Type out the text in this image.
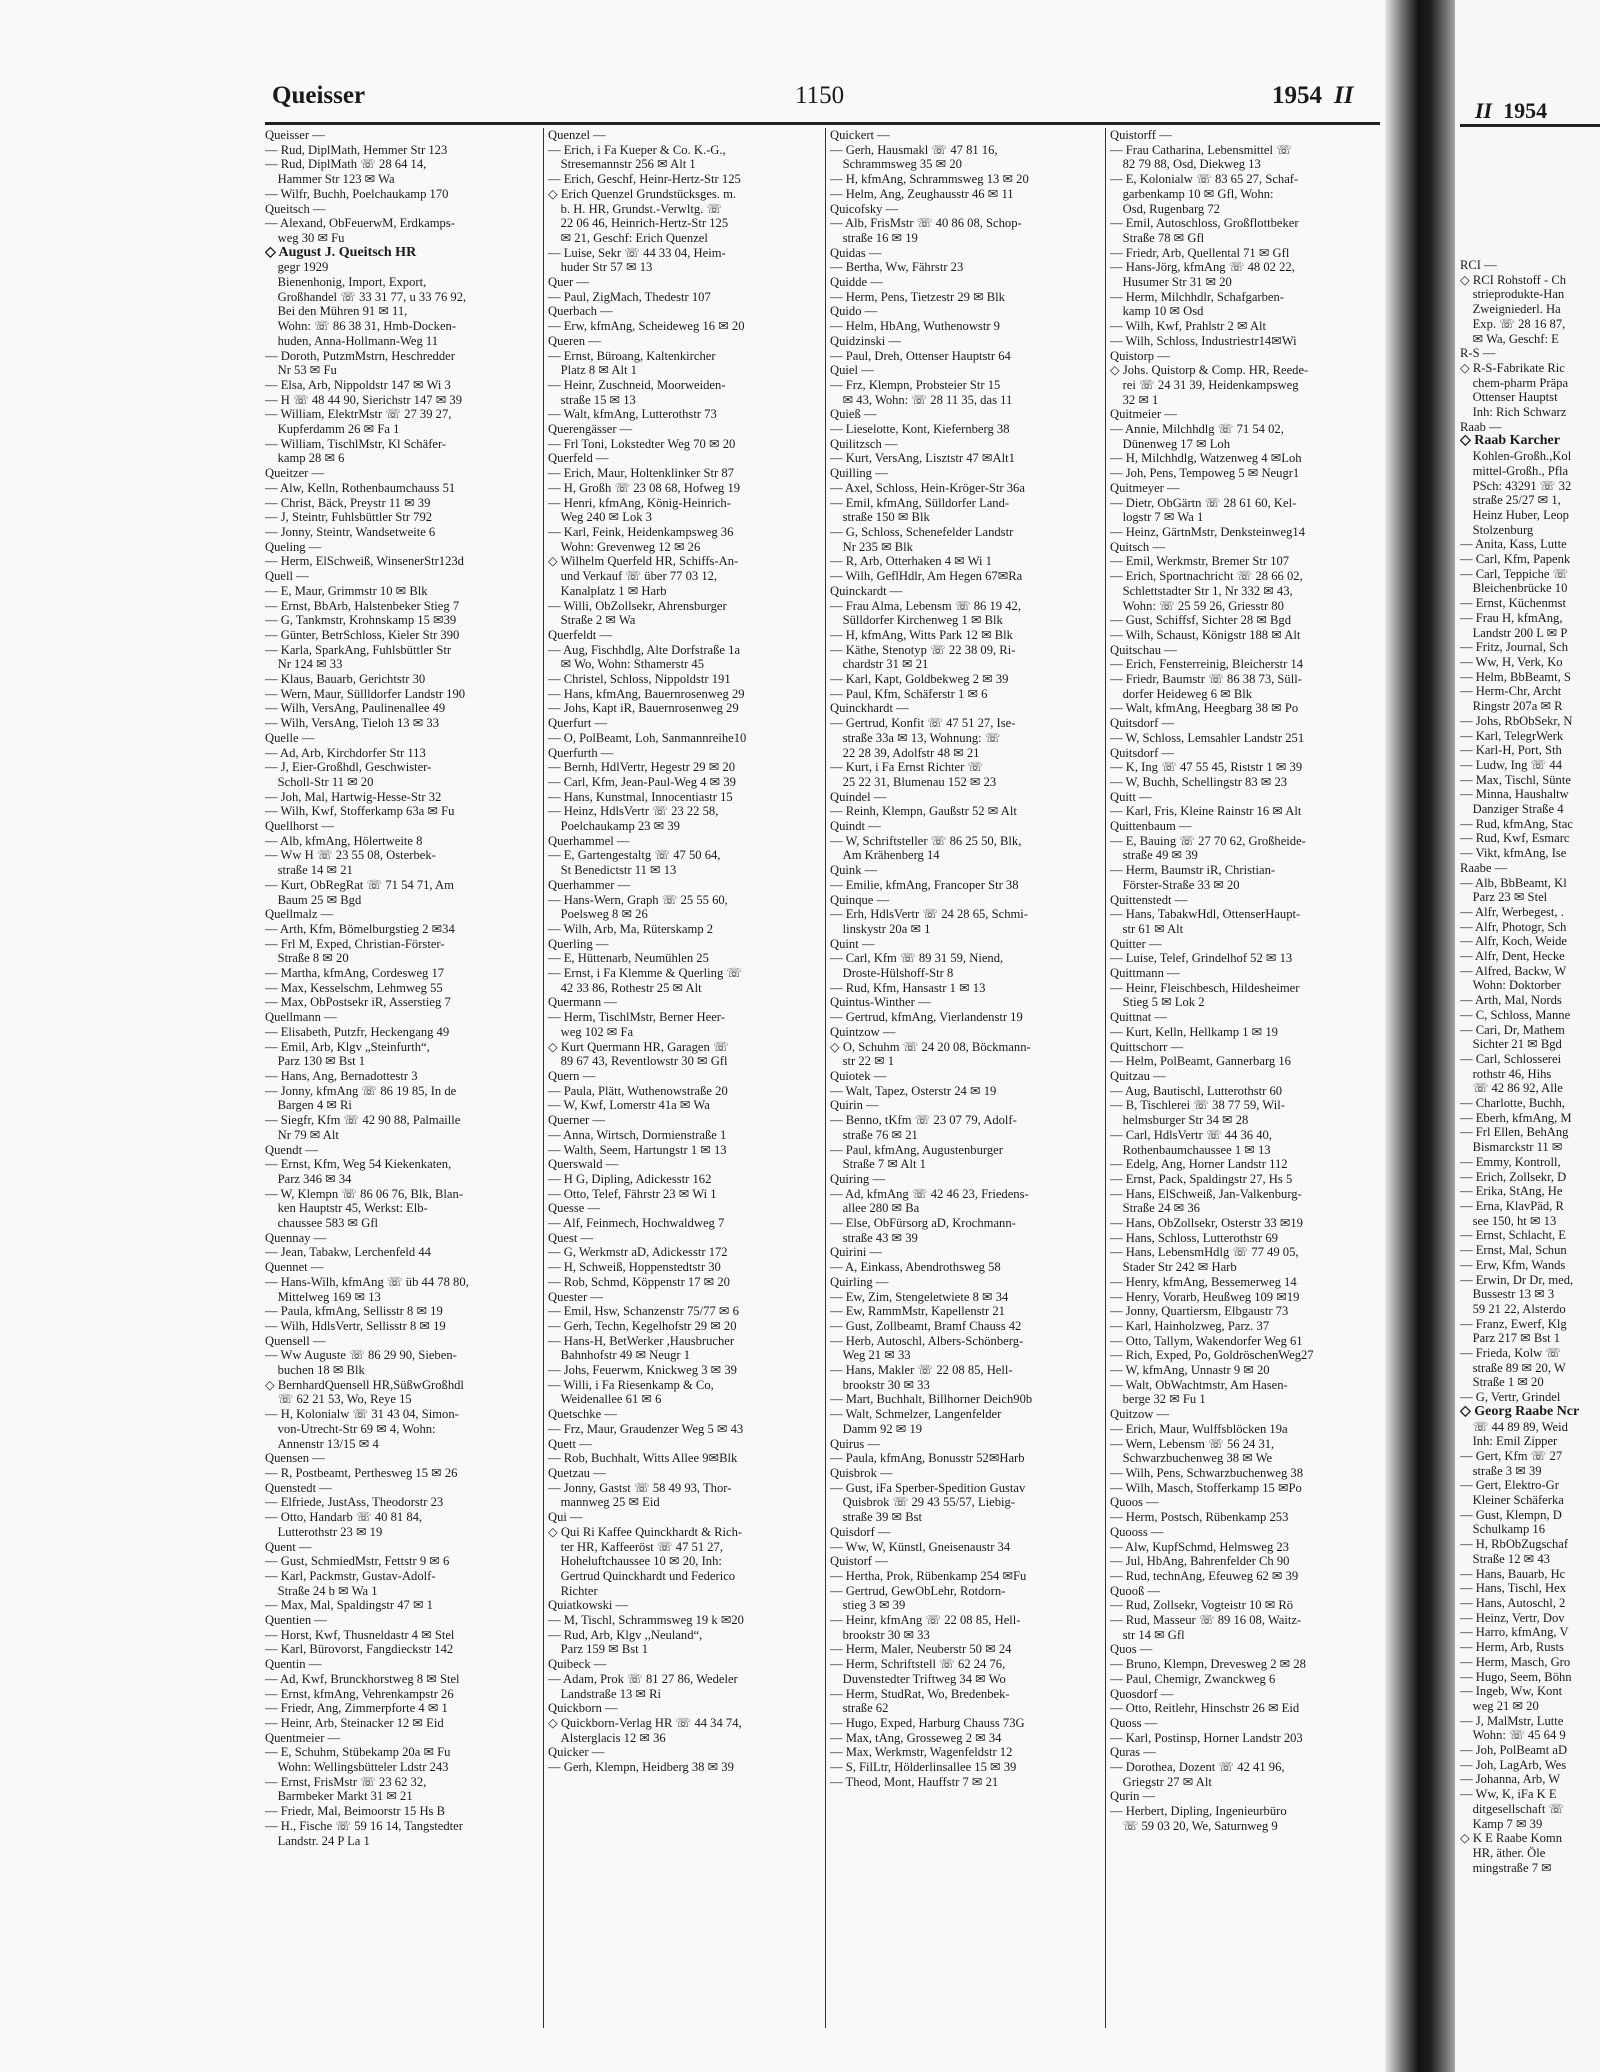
Queisser	1150	1954 II
Queisser —
— Rud, DiplMath, Hemmer Str 123
— Rud, DiplMath ☏ 28 64 14,
 Hammer Str 123 ✉ Wa
— Wilfr, Buchh, Poelchaukamp 170
Queitsch —
— Alexand, ObFeuerwM, Erdkamps-
 weg 30 ✉ Fu
◇ August J. Queitsch HR
 gegr 1929
 Bienenhonig, Import, Export,
 Großhandel ☏ 33 31 77, u 33 76 92,
 Bei den Mühren 91 ✉ 11,
 Wohn: ☏ 86 38 31, Hmb-Docken-
 huden, Anna-Hollmann-Weg 11
— Doroth, PutzmMstrn, Heschredder
 Nr 53 ✉ Fu
— Elsa, Arb, Nippoldstr 147 ✉ Wi 3
— H ☏ 48 44 90, Sierichstr 147 ✉ 39
— William, ElektrMstr ☏ 27 39 27,
 Kupferdamm 26 ✉ Fa 1
— William, TischlMstr, Kl Schäfer-
 kamp 28 ✉ 6
Queitzer —
— Alw, Kelln, Rothenbaumchauss 51
— Christ, Bäck, Preystr 11 ✉ 39
— J, Steintr, Fuhlsbüttler Str 792
— Jonny, Steintr, Wandsetweite 6
Queling —
— Herm, ElSchweiß, WinsenerStr123d
Quell —
— E, Maur, Grimmstr 10 ✉ Blk
— Ernst, BbArb, Halstenbeker Stieg 7
— G, Tankmstr, Krohnskamp 15 ✉39
— Günter, BetrSchloss, Kieler Str 390
— Karla, SparkAng, Fuhlsbüttler Str
 Nr 124 ✉ 33
— Klaus, Bauarb, Gerichtstr 30
— Wern, Maur, Süllldorfer Landstr 190
— Wilh, VersAng, Paulinenallee 49
— Wilh, VersAng, Tieloh 13 ✉ 33
Quelle —
— Ad, Arb, Kirchdorfer Str 113
— J, Eier-Großhdl, Geschwister-
 Scholl-Str 11 ✉ 20
— Joh, Mal, Hartwig-Hesse-Str 32
— Wilh, Kwf, Stofferkamp 63a ✉ Fu
Quellhorst —
— Alb, kfmAng, Hölertweite 8
— Ww H ☏ 23 55 08, Osterbek-
 straße 14 ✉ 21
— Kurt, ObRegRat ☏ 71 54 71, Am
 Baum 25 ✉ Bgd
Quellmalz —
— Arth, Kfm, Bömelburgstieg 2 ✉34
— Frl M, Exped, Christian-Förster-
 Straße 8 ✉ 20
— Martha, kfmAng, Cordesweg 17
— Max, Kesselschm, Lehmweg 55
— Max, ObPostsekr iR, Asserstieg 7
Quellmann —
— Elisabeth, Putzfr, Heckengang 49
— Emil, Arb, Klgv „Steinfurth“,
 Parz 130 ✉ Bst 1
— Hans, Ang, Bernadottestr 3
— Jonny, kfmAng ☏ 86 19 85, In de
 Bargen 4 ✉ Ri
— Siegfr, Kfm ☏ 42 90 88, Palmaille
 Nr 79 ✉ Alt
Quendt —
— Ernst, Kfm, Weg 54 Kiekenkaten,
 Parz 346 ✉ 34
— W, Klempn ☏ 86 06 76, Blk, Blan-
 ken Hauptstr 45, Werkst: Elb-
 chaussee 583 ✉ Gfl
Quennay —
— Jean, Tabakw, Lerchenfeld 44
Quennet —
— Hans-Wilh, kfmAng ☏ üb 44 78 80,
 Mittelweg 169 ✉ 13
— Paula, kfmAng, Sellisstr 8 ✉ 19
— Wilh, HdlsVertr, Sellisstr 8 ✉ 19
Quensell —
— Ww Auguste ☏ 86 29 90, Sieben-
 buchen 18 ✉ Blk
◇ BernhardQuensell HR,SüßwGroßhdl
 ☏ 62 21 53, Wo, Reye 15
— H, Kolonialw ☏ 31 43 04, Simon-
 von-Utrecht-Str 69 ✉ 4, Wohn:
 Annenstr 13/15 ✉ 4
Quensen —
— R, Postbeamt, Perthesweg 15 ✉ 26
Quenstedt —
— Elfriede, JustAss, Theodorstr 23
— Otto, Handarb ☏ 40 81 84,
 Lutterothstr 23 ✉ 19
Quent —
— Gust, SchmiedMstr, Fettstr 9 ✉ 6
— Karl, Packmstr, Gustav-Adolf-
 Straße 24 b ✉ Wa 1
— Max, Mal, Spaldingstr 47 ✉ 1
Quentien —
— Horst, Kwf, Thusneldastr 4 ✉ Stel
— Karl, Bürovorst, Fangdieckstr 142
Quentin —
— Ad, Kwf, Brunckhorstweg 8 ✉ Stel
— Ernst, kfmAng, Vehrenkampstr 26
— Friedr, Ang, Zimmerpforte 4 ✉ 1
— Heinr, Arb, Steinacker 12 ✉ Eid
Quentmeier —
— E, Schuhm, Stübekamp 20a ✉ Fu
 Wohn: Wellingsbütteler Ldstr 243
— Ernst, FrisMstr ☏ 23 62 32,
 Barmbeker Markt 31 ✉ 21
— Friedr, Mal, Beimoorstr 15 Hs B
— H., Fische ☏ 59 16 14, Tangstedter
 Landstr. 24 P La 1
Quenzel —
— Erich, i Fa Kueper & Co. K.-G.,
 Stresemannstr 256 ✉ Alt 1
— Erich, Geschf, Heinr-Hertz-Str 125
◇ Erich Quenzel Grundstücksges. m.
 b. H. HR, Grundst.-Verwltg. ☏
 22 06 46, Heinrich-Hertz-Str 125
 ✉ 21, Geschf: Erich Quenzel
— Luise, Sekr ☏ 44 33 04, Heim-
 huder Str 57 ✉ 13
Quer —
— Paul, ZigMach, Thedestr 107
Querbach —
— Erw, kfmAng, Scheideweg 16 ✉ 20
Queren —
— Ernst, Büroang, Kaltenkircher
 Platz 8 ✉ Alt 1
— Heinr, Zuschneid, Moorweiden-
 straße 15 ✉ 13
— Walt, kfmAng, Lutterothstr 73
Querengässer —
— Frl Toni, Lokstedter Weg 70 ✉ 20
Querfeld —
— Erich, Maur, Holtenklinker Str 87
— H, Großh ☏ 23 08 68, Hofweg 19
— Henri, kfmAng, König-Heinrich-
 Weg 240 ✉ Lok 3
— Karl, Feink, Heidenkampsweg 36
 Wohn: Grevenweg 12 ✉ 26
◇ Wilhelm Querfeld HR, Schiffs-An-
 und Verkauf ☏ über 77 03 12,
 Kanalplatz 1 ✉ Harb
— Willi, ObZollsekr, Ahrensburger
 Straße 2 ✉ Wa
Querfeldt —
— Aug, Fischhdlg, Alte Dorfstraße 1a
 ✉ Wo, Wohn: Sthamerstr 45
— Christel, Schloss, Nippoldstr 191
— Hans, kfmAng, Bauernrosenweg 29
— Johs, Kapt iR, Bauernrosenweg 29
Querfurt —
— O, PolBeamt, Loh, Sanmannreihe10
Querfurth —
— Bernh, HdlVertr, Hegestr 29 ✉ 20
— Carl, Kfm, Jean-Paul-Weg 4 ✉ 39
— Hans, Kunstmal, Innocentiastr 15
— Heinz, HdlsVertr ☏ 23 22 58,
 Poelchaukamp 23 ✉ 39
Querhammel —
— E, Gartengestaltg ☏ 47 50 64,
 St Benedictstr 11 ✉ 13
Querhammer —
— Hans-Wern, Graph ☏ 25 55 60,
 Poelsweg 8 ✉ 26
— Wilh, Arb, Ma, Rüterskamp 2
Querling —
— E, Hüttenarb, Neumühlen 25
— Ernst, i Fa Klemme & Querling ☏
 42 33 86, Rothestr 25 ✉ Alt
Quermann —
— Herm, TischlMstr, Berner Heer-
 weg 102 ✉ Fa
◇ Kurt Quermann HR, Garagen ☏
 89 67 43, Reventlowstr 30 ✉ Gfl
Quern —
— Paula, Plätt, Wuthenowstraße 20
— W, Kwf, Lomerstr 41a ✉ Wa
Querner —
— Anna, Wirtsch, Dormienstraße 1
— Walth, Seem, Hartungstr 1 ✉ 13
Querswald —
— H G, Dipling, Adickesstr 162
— Otto, Telef, Fährstr 23 ✉ Wi 1
Quesse —
— Alf, Feinmech, Hochwaldweg 7
Quest —
— G, Werkmstr aD, Adickesstr 172
— H, Schweiß, Hoppenstedtstr 30
— Rob, Schmd, Köppenstr 17 ✉ 20
Quester —
— Emil, Hsw, Schanzenstr 75/77 ✉ 6
— Gerh, Techn, Kegelhofstr 29 ✉ 20
— Hans-H, BetWerker ,Hausbrucher
 Bahnhofstr 49 ✉ Neugr 1
— Johs, Feuerwm, Knickweg 3 ✉ 39
— Willi, i Fa Riesenkamp & Co,
 Weidenallee 61 ✉ 6
Quetschke —
— Frz, Maur, Graudenzer Weg 5 ✉ 43
Quett —
— Rob, Buchhalt, Witts Allee 9✉Blk
Quetzau —
— Jonny, Gastst ☏ 58 49 93, Thor-
 mannweg 25 ✉ Eid
Qui —
◇ Qui Ri Kaffee Quinckhardt & Rich-
 ter HR, Kaffeeröst ☏ 47 51 27,
 Hoheluftchaussee 10 ✉ 20, Inh:
 Gertrud Quinckhardt und Federico
 Richter
Quiatkowski —
— M, Tischl, Schrammsweg 19 k ✉20
— Rud, Arb, Klgv ,,Neuland“,
 Parz 159 ✉ Bst 1
Quibeck —
— Adam, Prok ☏ 81 27 86, Wedeler
 Landstraße 13 ✉ Ri
Quickborn —
◇ Quickborn-Verlag HR ☏ 44 34 74,
 Alsterglacis 12 ✉ 36
Quicker —
— Gerh, Klempn, Heidberg 38 ✉ 39
Quickert —
— Gerh, Hausmakl ☏ 47 81 16,
 Schrammsweg 35 ✉ 20
— H, kfmAng, Schrammsweg 13 ✉ 20
— Helm, Ang, Zeughausstr 46 ✉ 11
Quicofsky —
— Alb, FrisMstr ☏ 40 86 08, Schop-
 straße 16 ✉ 19
Quidas —
— Bertha, Ww, Fährstr 23
Quidde —
— Herm, Pens, Tietzestr 29 ✉ Blk
Quido —
— Helm, HbAng, Wuthenowstr 9
Quidzinski —
— Paul, Dreh, Ottenser Hauptstr 64
Quiel —
— Frz, Klempn, Probsteier Str 15
 ✉ 43, Wohn: ☏ 28 11 35, das 11
Quieß —
— Lieselotte, Kont, Kiefernberg 38
Quilitzsch —
— Kurt, VersAng, Lisztstr 47 ✉Alt1
Quilling —
— Axel, Schloss, Hein-Kröger-Str 36a
— Emil, kfmAng, Sülldorfer Land-
 straße 150 ✉ Blk
— G, Schloss, Schenefelder Landstr
 Nr 235 ✉ Blk
— R, Arb, Otterhaken 4 ✉ Wi 1
— Wilh, GeflHdlr, Am Hegen 67✉Ra
Quinckardt —
— Frau Alma, Lebensm ☏ 86 19 42,
 Sülldorfer Kirchenweg 1 ✉ Blk
— H, kfmAng, Witts Park 12 ✉ Blk
— Käthe, Stenotyp ☏ 22 38 09, Ri-
 chardstr 31 ✉ 21
— Karl, Kapt, Goldbekweg 2 ✉ 39
— Paul, Kfm, Schäferstr 1 ✉ 6
Quinckhardt —
— Gertrud, Konfit ☏ 47 51 27, Ise-
 straße 33a ✉ 13, Wohnung: ☏
 22 28 39, Adolfstr 48 ✉ 21
— Kurt, i Fa Ernst Richter ☏
 25 22 31, Blumenau 152 ✉ 23
Quindel —
— Reinh, Klempn, Gaußstr 52 ✉ Alt
Quindt —
— W, Schriftsteller ☏ 86 25 50, Blk,
 Am Krähenberg 14
Quink —
— Emilie, kfmAng, Francoper Str 38
Quinque —
— Erh, HdlsVertr ☏ 24 28 65, Schmi-
 linskystr 20a ✉ 1
Quint —
— Carl, Kfm ☏ 89 31 59, Niend,
 Droste-Hülshoff-Str 8
— Rud, Kfm, Hansastr 1 ✉ 13
Quintus-Winther —
— Gertrud, kfmAng, Vierlandenstr 19
Quintzow —
◇ O, Schuhm ☏ 24 20 08, Böckmann-
 str 22 ✉ 1
Quiotek —
— Walt, Tapez, Osterstr 24 ✉ 19
Quirin —
— Benno, tKfm ☏ 23 07 79, Adolf-
 straße 76 ✉ 21
— Paul, kfmAng, Augustenburger
 Straße 7 ✉ Alt 1
Quiring —
— Ad, kfmAng ☏ 42 46 23, Friedens-
 allee 280 ✉ Ba
— Else, ObFürsorg aD, Krochmann-
 straße 43 ✉ 39
Quirini —
— A, Einkass, Abendrothsweg 58
Quirling —
— Ew, Zim, Stengeletwiete 8 ✉ 34
— Ew, RammMstr, Kapellenstr 21
— Gust, Zollbeamt, Bramf Chauss 42
— Herb, Autoschl, Albers-Schönberg-
 Weg 21 ✉ 33
— Hans, Makler ☏ 22 08 85, Hell-
 brookstr 30 ✉ 33
— Mart, Buchhalt, Billhorner Deich90b
— Walt, Schmelzer, Langenfelder
 Damm 92 ✉ 19
Quirus —
— Paula, kfmAng, Bonusstr 52✉Harb
Quisbrok —
— Gust, iFa Sperber-Spedition Gustav
 Quisbrok ☏ 29 43 55/57, Liebig-
 straße 39 ✉ Bst
Quisdorf —
— Ww, W, Künstl, Gneisenaustr 34
Quistorf —
— Hertha, Prok, Rübenkamp 254 ✉Fu
— Gertrud, GewObLehr, Rotdorn-
 stieg 3 ✉ 39
— Heinr, kfmAng ☏ 22 08 85, Hell-
 brookstr 30 ✉ 33
— Herm, Maler, Neuberstr 50 ✉ 24
— Herm, Schriftstell ☏ 62 24 76,
 Duvenstedter Triftweg 34 ✉ Wo
— Herm, StudRat, Wo, Bredenbek-
 straße 62
— Hugo, Exped, Harburg Chauss 73G
— Max, tAng, Grosseweg 2 ✉ 34
— Max, Werkmstr, Wagenfeldstr 12
— S, FilLtr, Hölderlinsallee 15 ✉ 39
— Theod, Mont, Hauffstr 7 ✉ 21
Quistorff —
— Frau Catharina, Lebensmittel ☏
 82 79 88, Osd, Diekweg 13
— E, Kolonialw ☏ 83 65 27, Schaf-
 garbenkamp 10 ✉ Gfl, Wohn:
 Osd, Rugenbarg 72
— Emil, Autoschloss, Großflottbeker
 Straße 78 ✉ Gfl
— Friedr, Arb, Quellental 71 ✉ Gfl
— Hans-Jörg, kfmAng ☏ 48 02 22,
 Husumer Str 31 ✉ 20
— Herm, Milchhdlr, Schafgarben-
 kamp 10 ✉ Osd
— Wilh, Kwf, Prahlstr 2 ✉ Alt
— Wilh, Schloss, Industriestr14✉Wi
Quistorp —
◇ Johs. Quistorp & Comp. HR, Reede-
 rei ☏ 24 31 39, Heidenkampsweg
 32 ✉ 1
Quitmeier —
— Annie, Milchhdlg ☏ 71 54 02,
 Dünenweg 17 ✉ Loh
— H, Milchhdlg, Watzenweg 4 ✉Loh
— Joh, Pens, Tempoweg 5 ✉ Neugr1
Quitmeyer —
— Dietr, ObGärtn ☏ 28 61 60, Kel-
 logstr 7 ✉ Wa 1
— Heinz, GärtnMstr, Denksteinweg14
Quitsch —
— Emil, Werkmstr, Bremer Str 107
— Erich, Sportnachricht ☏ 28 66 02,
 Schlettstadter Str 1, Nr 332 ✉ 43,
 Wohn: ☏ 25 59 26, Griesstr 80
— Gust, Schiffsf, Sichter 28 ✉ Bgd
— Wilh, Schaust, Königstr 188 ✉ Alt
Quitschau —
— Erich, Fensterreinig, Bleicherstr 14
— Friedr, Baumstr ☏ 86 38 73, Süll-
 dorfer Heideweg 6 ✉ Blk
— Walt, kfmAng, Heegbarg 38 ✉ Po
Quitsdorf —
— W, Schloss, Lemsahler Landstr 251
Quitsdorf —
— K, Ing ☏ 47 55 45, Riststr 1 ✉ 39
— W, Buchh, Schellingstr 83 ✉ 23
Quitt —
— Karl, Fris, Kleine Rainstr 16 ✉ Alt
Quittenbaum —
— E, Bauing ☏ 27 70 62, Großheide-
 straße 49 ✉ 39
— Herm, Baumstr iR, Christian-
 Förster-Straße 33 ✉ 20
Quittenstedt —
— Hans, TabakwHdl, OttenserHaupt-
 str 61 ✉ Alt
Quitter —
— Luise, Telef, Grindelhof 52 ✉ 13
Quittmann —
— Heinr, Fleischbesch, Hildesheimer
 Stieg 5 ✉ Lok 2
Quittnat —
— Kurt, Kelln, Hellkamp 1 ✉ 19
Quittschorr —
— Helm, PolBeamt, Gannerbarg 16
Quitzau —
— Aug, Bautischl, Lutterothstr 60
— B, Tischlerei ☏ 38 77 59, Wil-
 helmsburger Str 34 ✉ 28
— Carl, HdlsVertr ☏ 44 36 40,
 Rothenbaumchaussee 1 ✉ 13
— Edelg, Ang, Horner Landstr 112
— Ernst, Pack, Spaldingstr 27, Hs 5
— Hans, ElSchweiß, Jan-Valkenburg-
 Straße 24 ✉ 36
— Hans, ObZollsekr, Osterstr 33 ✉19
— Hans, Schloss, Lutterothstr 69
— Hans, LebensmHdlg ☏ 77 49 05,
 Stader Str 242 ✉ Harb
— Henry, kfmAng, Bessemerweg 14
— Henry, Vorarb, Heußweg 109 ✉19
— Jonny, Quartiersm, Elbgaustr 73
— Karl, Hainholzweg, Parz. 37
— Otto, Tallym, Wakendorfer Weg 61
— Rich, Exped, Po, GoldröschenWeg27
— W, kfmAng, Unnastr 9 ✉ 20
— Walt, ObWachtmstr, Am Hasen-
 berge 32 ✉ Fu 1
Quitzow —
— Erich, Maur, Wulffsblöcken 19a
— Wern, Lebensm ☏ 56 24 31,
 Schwarzbuchenweg 38 ✉ We
— Wilh, Pens, Schwarzbuchenweg 38
— Wilh, Masch, Stofferkamp 15 ✉Po
Quoos —
— Herm, Postsch, Rübenkamp 253
Quooss —
— Alw, KupfSchmd, Helmsweg 23
— Jul, HbAng, Bahrenfelder Ch 90
— Rud, technAng, Efeuweg 62 ✉ 39
Quooß —
— Rud, Zollsekr, Vogteistr 10 ✉ Rö
— Rud, Masseur ☏ 89 16 08, Waitz-
 str 14 ✉ Gfl
Quos —
— Bruno, Klempn, Drevesweg 2 ✉ 28
— Paul, Chemigr, Zwanckweg 6
Quosdorf —
— Otto, Reitlehr, Hinschstr 26 ✉ Eid
Quoss —
— Karl, Postinsp, Horner Landstr 203
Quras —
— Dorothea, Dozent ☏ 42 41 96,
 Griegstr 27 ✉ Alt
Qurin —
— Herbert, Dipling, Ingenieurbüro
 ☏ 59 03 20, We, Saturnweg 9
II 1954
RCI —
◇ RCI Rohstoff - Ch
 strieprodukte-Han
 Zweigniederl. Ha
 Exp. ☏ 28 16 87,
 ✉ Wa, Geschf: E
R-S —
◇ R-S-Fabrikate Ric
 chem-pharm Präpa
 Ottenser Hauptst
 Inh: Rich Schwarz
Raab —
◇ Raab Karcher
 Kohlen-Großh.,Kol
 mittel-Großh., Pfla
 PSch: 43291 ☏ 32
 straße 25/27 ✉ 1,
 Heinz Huber, Leop
 Stolzenburg
— Anita, Kass, Lutte
— Carl, Kfm, Papenk
— Carl, Teppiche ☏
 Bleichenbrücke 10
— Ernst, Küchenmst
— Frau H, kfmAng,
 Landstr 200 L ✉ P
— Fritz, Journal, Sch
— Ww, H, Verk, Ko
— Helm, BbBeamt, S
— Herm-Chr, Archt
 Ringstr 207a ✉ R
— Johs, RbObSekr, N
— Karl, TelegrWerk
— Karl-H, Port, Sth
— Ludw, Ing ☏ 44
— Max, Tischl, Sünte
— Minna, Haushaltw
 Danziger Straße 4
— Rud, kfmAng, Stac
— Rud, Kwf, Esmarc
— Vikt, kfmAng, Ise
Raabe —
— Alb, BbBeamt, Kl
 Parz 23 ✉ Stel
— Alfr, Werbegest, .
— Alfr, Photogr, Sch
— Alfr, Koch, Weide
— Alfr, Dent, Hecke
— Alfred, Backw, W
 Wohn: Doktorber
— Arth, Mal, Nords
— C, Schloss, Manne
— Cari, Dr, Mathem
 Sichter 21 ✉ Bgd
— Carl, Schlosserei
 rothstr 46, Hihs
 ☏ 42 86 92, Alle
— Charlotte, Buchh,
— Eberh, kfmAng, M
— Frl Ellen, BehAng
 Bismarckstr 11 ✉
— Emmy, Kontroll,
— Erich, Zollsekr, D
— Erika, StAng, He
— Erna, KlavPäd, R
 see 150, ht ✉ 13
— Ernst, Schlacht, E
— Ernst, Mal, Schun
— Erw, Kfm, Wands
— Erwin, Dr Dr, med,
 Bussestr 13 ✉ 3
 59 21 22, Alsterdo
— Franz, Ewerf, Klg
 Parz 217 ✉ Bst 1
— Frieda, Kolw ☏
 straße 89 ✉ 20, W
 Straße 1 ✉ 20
— G, Vertr, Grindel
◇ Georg Raabe Ncr
 ☏ 44 89 89, Weid
 Inh: Emil Zipper
— Gert, Kfm ☏ 27
 straße 3 ✉ 39
— Gert, Elektro-Gr
 Kleiner Schäferka
— Gust, Klempn, D
 Schulkamp 16
— H, RbObZugschaf
 Straße 12 ✉ 43
— Hans, Bauarb, Hc
— Hans, Tischl, Hex
— Hans, Autoschl, 2
— Heinz, Vertr, Dov
— Harro, kfmAng, V
— Herm, Arb, Rusts
— Herm, Masch, Gro
— Hugo, Seem, Böhn
— Ingeb, Ww, Kont
 weg 21 ✉ 20
— J, MalMstr, Lutte
 Wohn: ☏ 45 64 9
— Joh, PolBeamt aD
— Joh, LagArb, Wes
— Johanna, Arb, W
— Ww, K, iFa K E
 ditgesellschaft ☏
 Kamp 7 ✉ 39
◇ K E Raabe Komn
 HR, äther. Öle
 mingstraße 7 ✉
